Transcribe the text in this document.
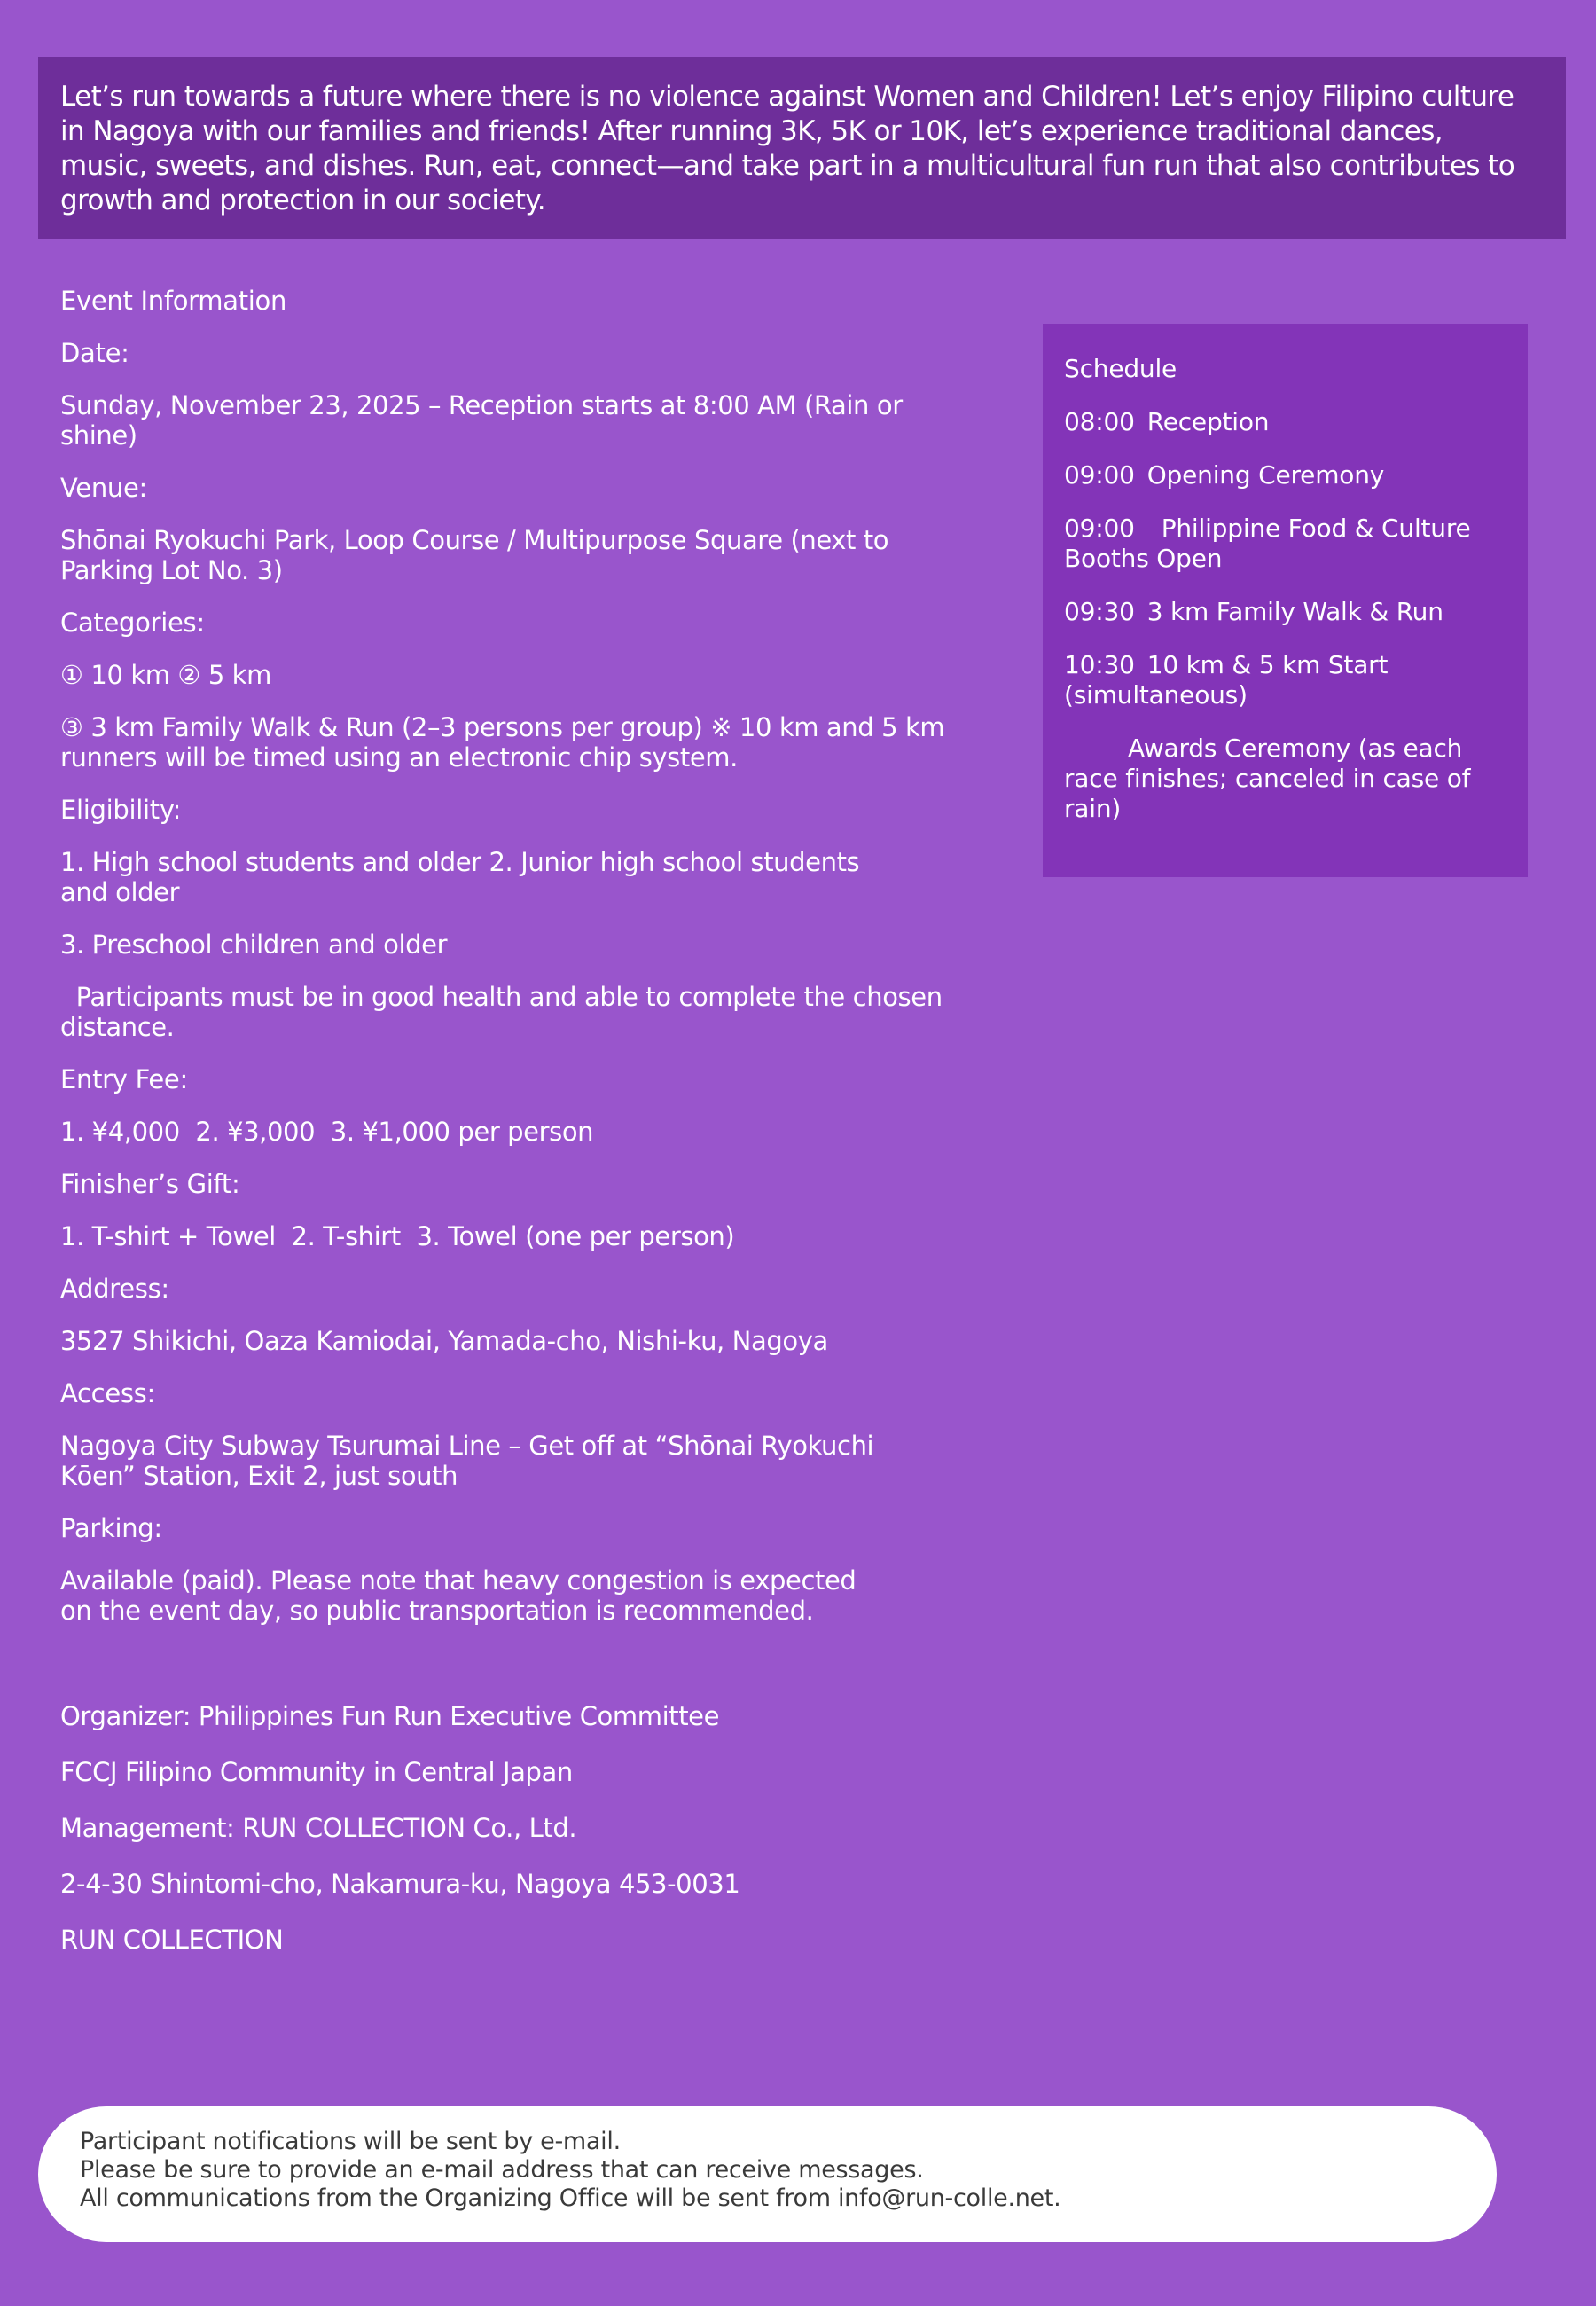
Let’s run towards a future where there is no violence against Women and Children! Let’s enjoy Filipino culture in Nagoya with our families and friends! After running 3K, 5K or 10K, let’s experience traditional dances, music, sweets, and dishes. Run, eat, connect—and take part in a multicultural fun run that also contributes to growth and protection in our society.

Event Information

Date:

Sunday, November 23, 2025 – Reception starts at 8:00 AM (Rain or shine)

Venue:

Shōnai Ryokuchi Park, Loop Course / Multipurpose Square (next to Parking Lot No. 3)

Categories:

① 10 km ② 5 km

③ 3 km Family Walk & Run (2–3 persons per group) ※ 10 km and 5 km runners will be timed using an electronic chip system.

Eligibility:

1. High school students and older 2. Junior high school students and older

3. Preschool children and older

Participants must be in good health and able to complete the chosen distance.

Entry Fee:

1. ¥4,000  2. ¥3,000  3. ¥1,000 per person

Finisher’s Gift:

1. T-shirt + Towel  2. T-shirt  3. Towel (one per person)

Address:

3527 Shikichi, Oaza Kamiodai, Yamada-cho, Nishi-ku, Nagoya

Access:

Nagoya City Subway Tsurumai Line – Get off at “Shōnai Ryokuchi Kōen” Station, Exit 2, just south

Parking:

Available (paid). Please note that heavy congestion is expected on the event day, so public transportation is recommended.

Organizer: Philippines Fun Run Executive Committee

FCCJ Filipino Community in Central Japan

Management: RUN COLLECTION Co., Ltd.

2-4-30 Shintomi-cho, Nakamura-ku, Nagoya 453-0031

RUN COLLECTION

Schedule

08:00 Reception

09:00 Opening Ceremony

09:00 Philippine Food & Culture Booths Open

09:30 3 km Family Walk & Run

10:30 10 km & 5 km Start (simultaneous)

Awards Ceremony (as each race finishes; canceled in case of rain)

Participant notifications will be sent by e-mail.

Please be sure to provide an e-mail address that can receive messages.

All communications from the Organizing Office will be sent from info@run-colle.net.
